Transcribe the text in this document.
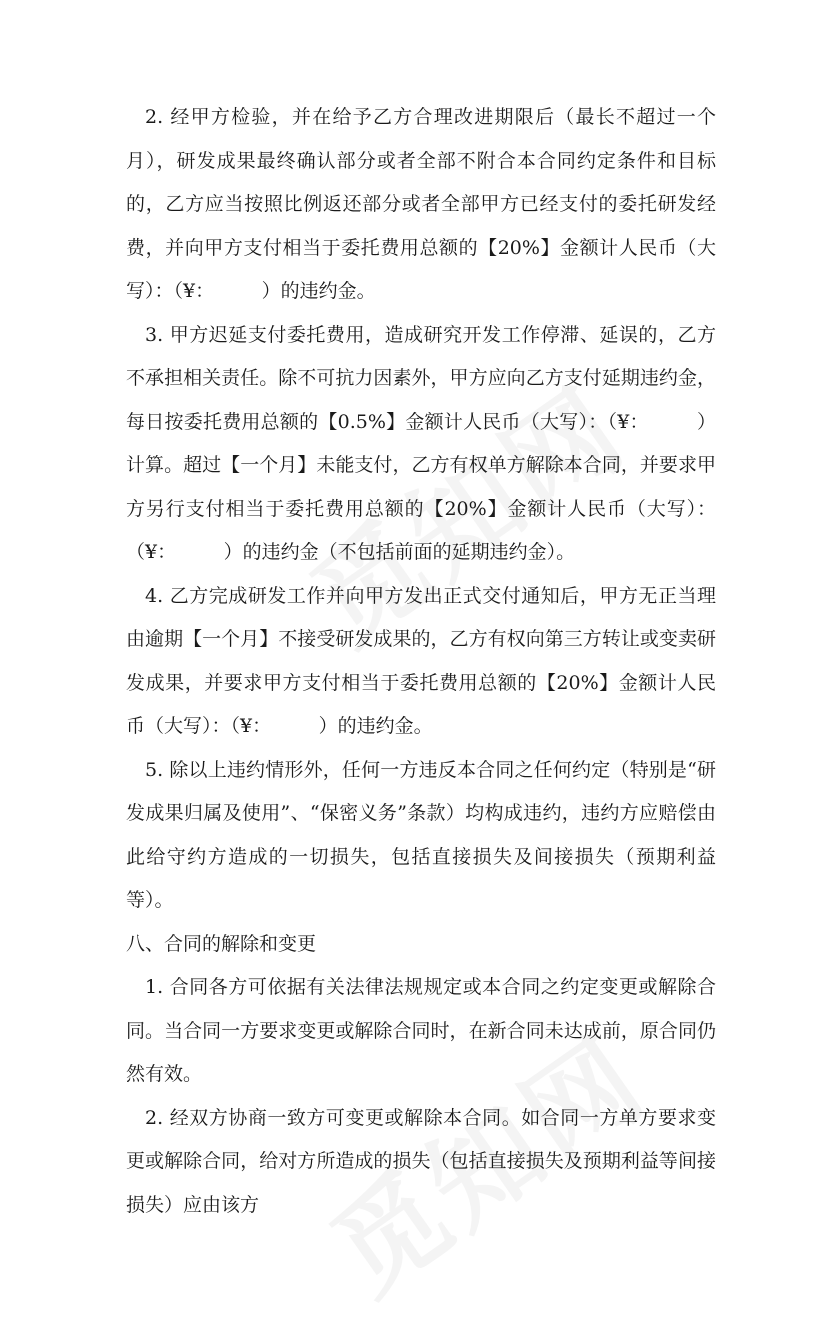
2. 经甲方检验，并在给予乙方合理改进期限后（最长不超过一个月），研发成果最终确认部分或者全部不附合本合同约定条件和目标的，乙方应当按照比例返还部分或者全部甲方已经支付的委托研发经费，并向甲方支付相当于委托费用总额的【20%】金额计人民币（大写）：（¥：　　　）的违约金。

3. 甲方迟延支付委托费用，造成研究开发工作停滞、延误的，乙方不承担相关责任。除不可抗力因素外，甲方应向乙方支付延期违约金，每日按委托费用总额的【0.5%】金额计人民币（大写）：（¥：　　　）计算。超过【一个月】未能支付，乙方有权单方解除本合同，并要求甲方另行支付相当于委托费用总额的【20%】金额计人民币（大写）：（¥：　　　）的违约金（不包括前面的延期违约金）。

4. 乙方完成研发工作并向甲方发出正式交付通知后，甲方无正当理由逾期【一个月】不接受研发成果的，乙方有权向第三方转让或变卖研发成果，并要求甲方支付相当于委托费用总额的【20%】金额计人民币（大写）：（¥：　　　）的违约金。

5. 除以上违约情形外，任何一方违反本合同之任何约定（特别是“研发成果归属及使用”、“保密义务”条款）均构成违约，违约方应赔偿由此给守约方造成的一切损失，包括直接损失及间接损失（预期利益等）。

八、合同的解除和变更

1. 合同各方可依据有关法律法规规定或本合同之约定变更或解除合同。当合同一方要求变更或解除合同时，在新合同未达成前，原合同仍然有效。

2. 经双方协商一致方可变更或解除本合同。如合同一方单方要求变更或解除合同，给对方所造成的损失（包括直接损失及预期利益等间接损失）应由该方
